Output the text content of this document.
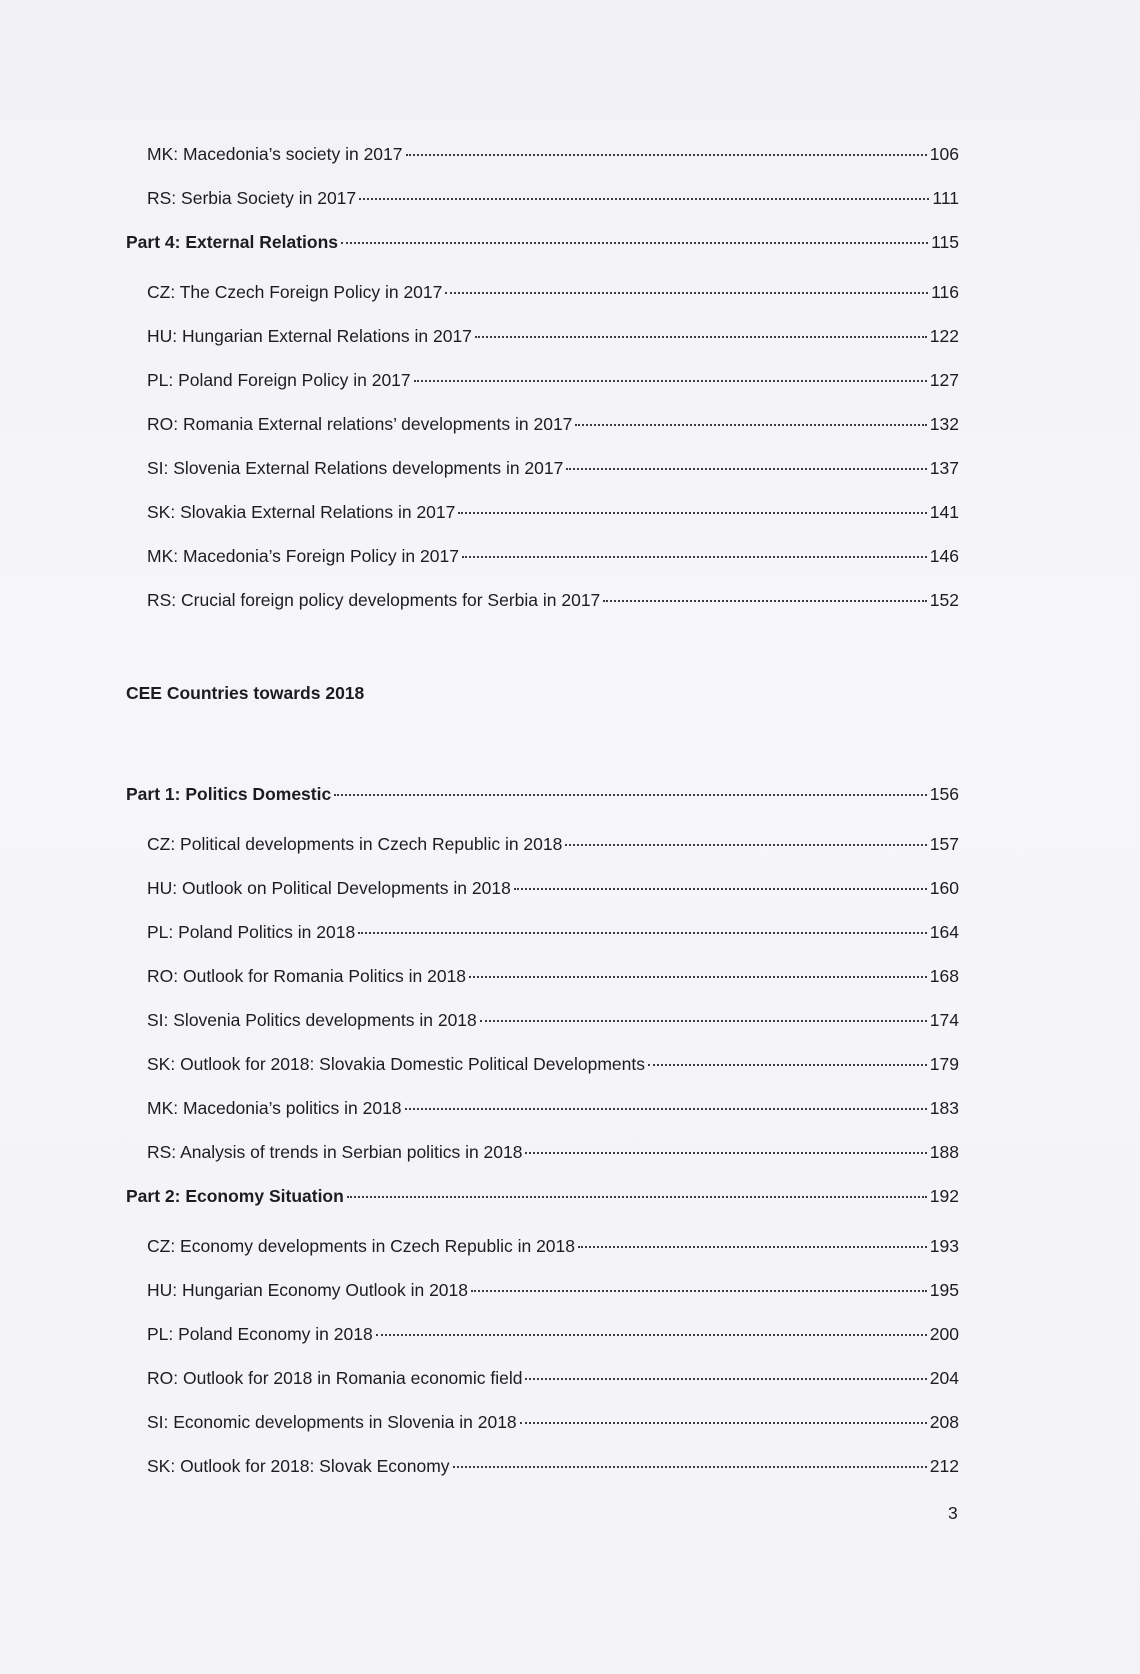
MK: Macedonia’s society in 2017	106
RS: Serbia Society in 2017	111
Part 4: External Relations	115
CZ: The Czech Foreign Policy in 2017	116
HU: Hungarian External Relations in 2017	122
PL: Poland Foreign Policy in 2017	127
RO: Romania External relations’ developments in 2017	132
SI: Slovenia External Relations developments in 2017	137
SK: Slovakia External Relations in 2017	141
MK: Macedonia’s Foreign Policy in 2017	146
RS: Crucial foreign policy developments for Serbia in 2017	152
CEE Countries towards 2018
Part 1: Politics Domestic	156
CZ: Political developments in Czech Republic in 2018	157
HU: Outlook on Political Developments in 2018	160
PL: Poland Politics in 2018	164
RO: Outlook for Romania Politics in 2018	168
SI: Slovenia Politics developments in 2018	174
SK: Outlook for 2018: Slovakia Domestic Political Developments	179
MK: Macedonia’s politics in 2018	183
RS: Analysis of trends in Serbian politics in 2018	188
Part 2: Economy Situation	192
CZ: Economy developments in Czech Republic in 2018	193
HU: Hungarian Economy Outlook in 2018	195
PL: Poland Economy in 2018	200
RO: Outlook for 2018 in Romania economic field	204
SI: Economic developments in Slovenia in 2018	208
SK: Outlook for 2018: Slovak Economy	212
3
